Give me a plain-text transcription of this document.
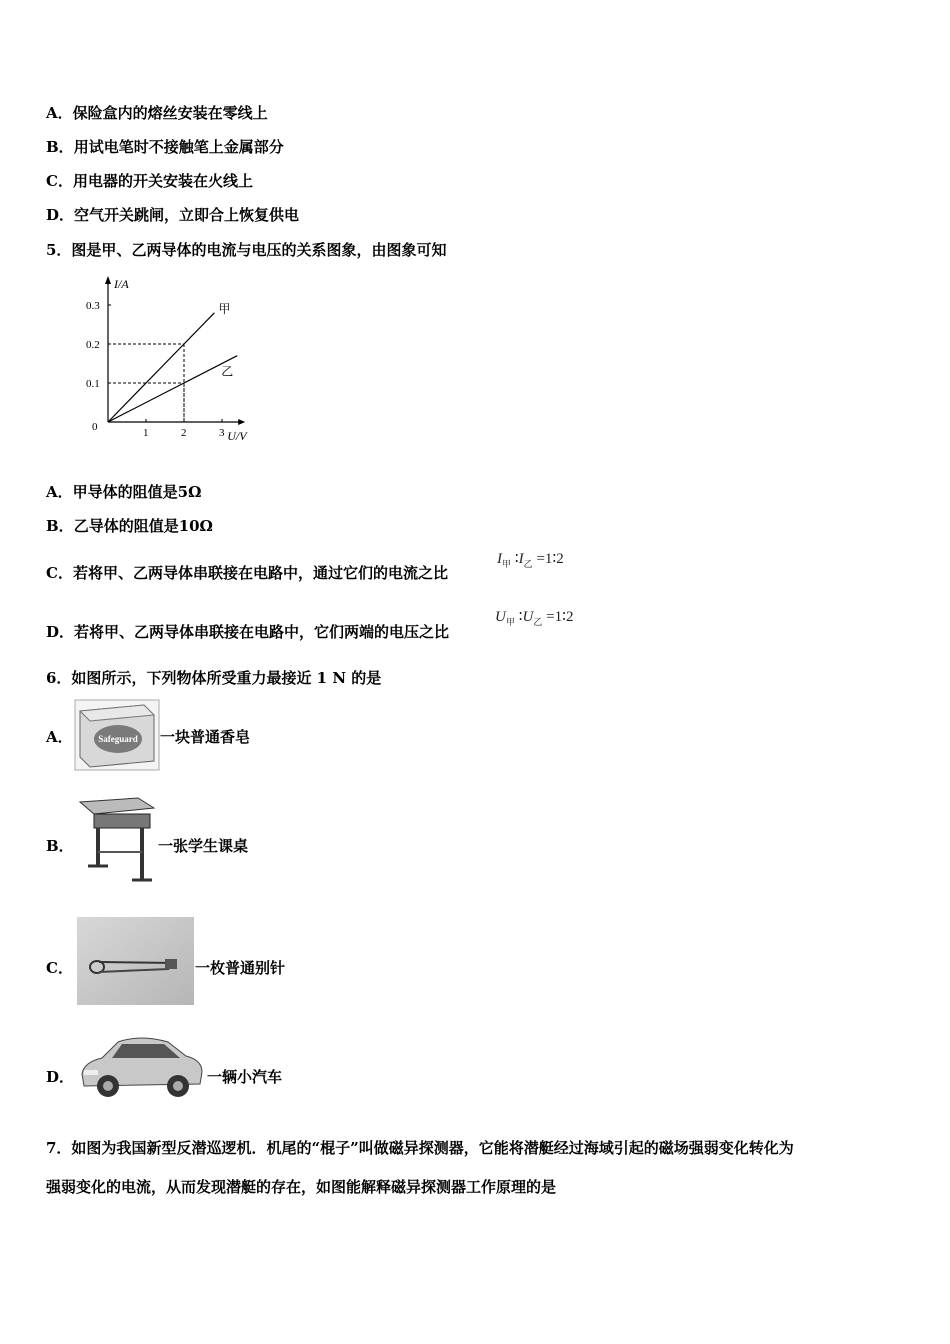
A．保险盒内的熔丝安装在零线上
B．用试电笔时不接触笔上金属部分
C．用电器的开关安装在火线上
D．空气开关跳闸，立即合上恢复供电
5．图是甲、乙两导体的电流与电压的关系图象，由图象可知
I/A
U/V
0	1	2	3
0.1
0.2
0.3	甲
乙
A．甲导体的阻值是5Ω
B．乙导体的阻值是10Ω
C．若将甲、乙两导体串联接在电路中，通过它们的电流之比
$I_甲$ $∶I_乙$ =1∶2
D．若将甲、乙两导体串联接在电路中，它们两端的电压之比
$U_甲$ $∶U_乙$ =1∶2
6．如图所示，下列物体所受重力最接近 1 N 的是
A．	Safeguard 一块普通香皂
B．	一张学生课桌
C．	一枚普通别针
D．	一辆小汽车
7．如图为我国新型反潜巡逻机．机尾的“棍子”叫做磁异探测器，它能将潜艇经过海域引起的磁场强弱变化转化为
强弱变化的电流，从而发现潜艇的存在，如图能解释磁异探测器工作原理的是
